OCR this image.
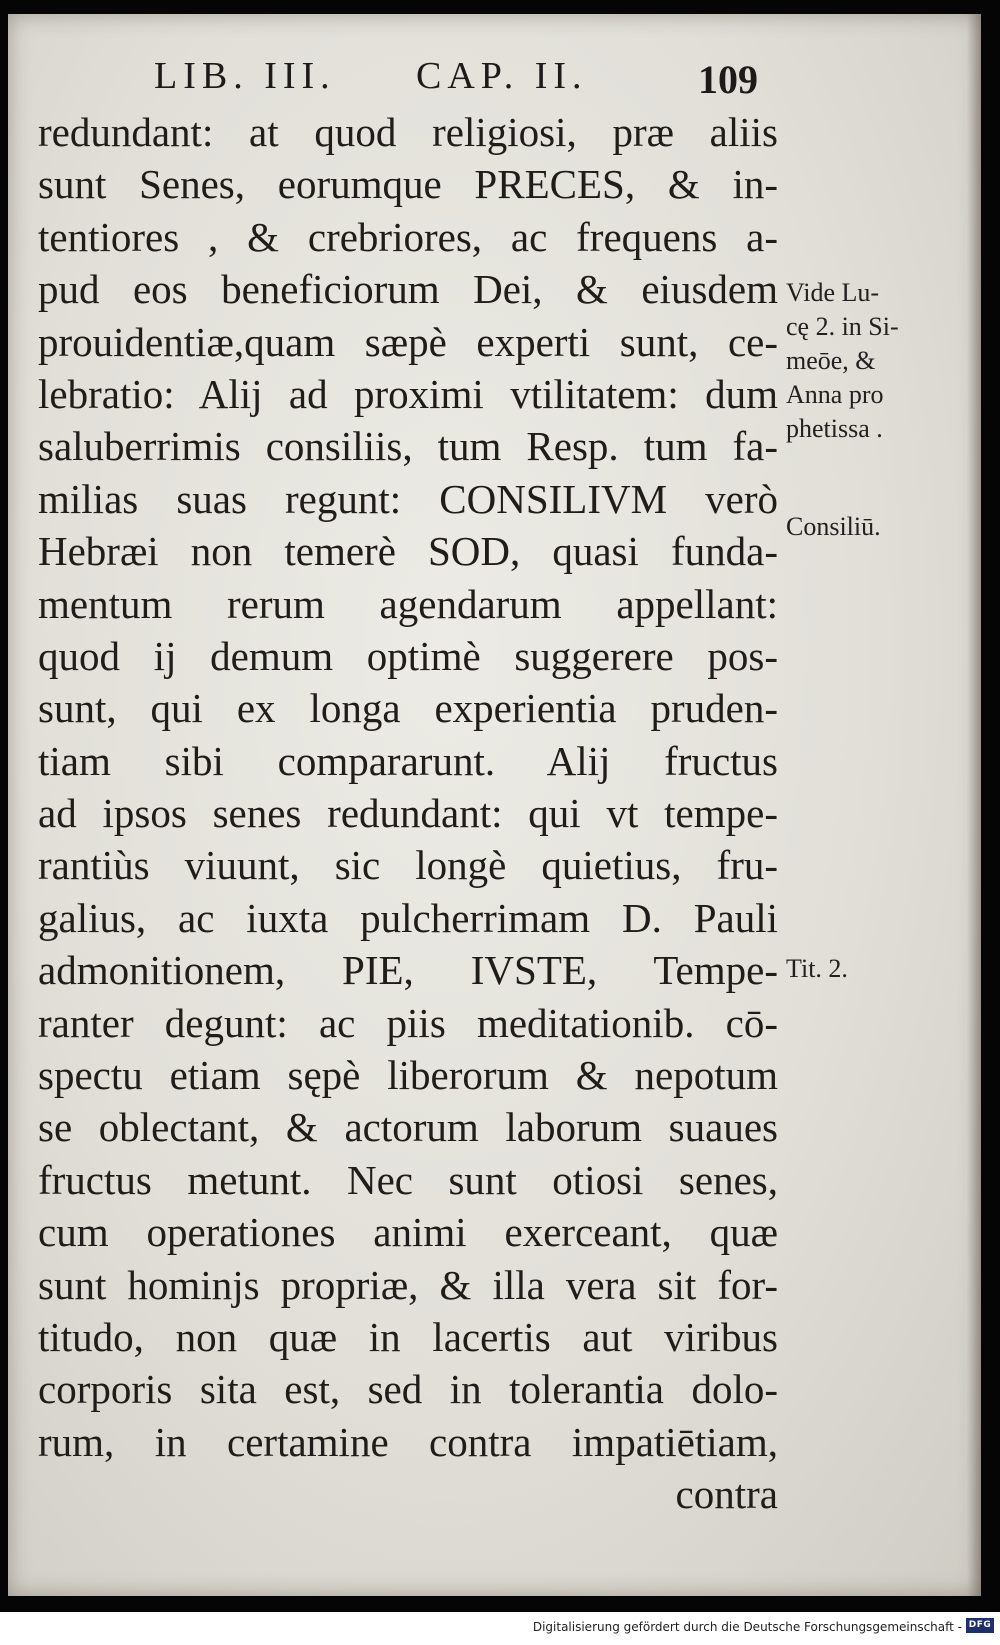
LIB. III. CAP. II.	109
redundant: at quod religiosi, præ aliis
sunt Senes, eorumque PRECES, & in-
tentiores , & crebriores, ac frequens a-
pud eos beneficiorum Dei, & eiusdem
prouidentiæ,quam sæpè experti sunt, ce-
lebratio: Alij ad proximi vtilitatem: dum
saluberrimis consiliis, tum Resp. tum fa-
milias suas regunt: CONSILIVM verò
Hebræi non temerè SOD, quasi funda-
mentum rerum agendarum appellant:
quod ij demum optimè suggerere pos-
sunt, qui ex longa experientia pruden-
tiam sibi compararunt. Alij fructus
ad ipsos senes redundant: qui vt tempe-
rantiùs viuunt, sic longè quietius, fru-
galius, ac iuxta pulcherrimam D. Pauli
admonitionem, PIE, IVSTE, Tempe-
ranter degunt: ac piis meditationib. cō-
spectu etiam sępè liberorum & nepotum
se oblectant, & actorum laborum suaues
fructus metunt. Nec sunt otiosi senes,
cum operationes animi exerceant, quæ
sunt hominjs propriæ, & illa vera sit for-
titudo, non quæ in lacertis aut viribus
corporis sita est, sed in tolerantia dolo-
rum, in certamine contra impatiētiam,
contra
Vide Lu-
cę 2. in Si-
meōe, &
Anna pro
phetissa .
Consiliū.
Tit. 2.
Digitalisierung gefördert durch die Deutsche Forschungsgemeinschaft - DFG
